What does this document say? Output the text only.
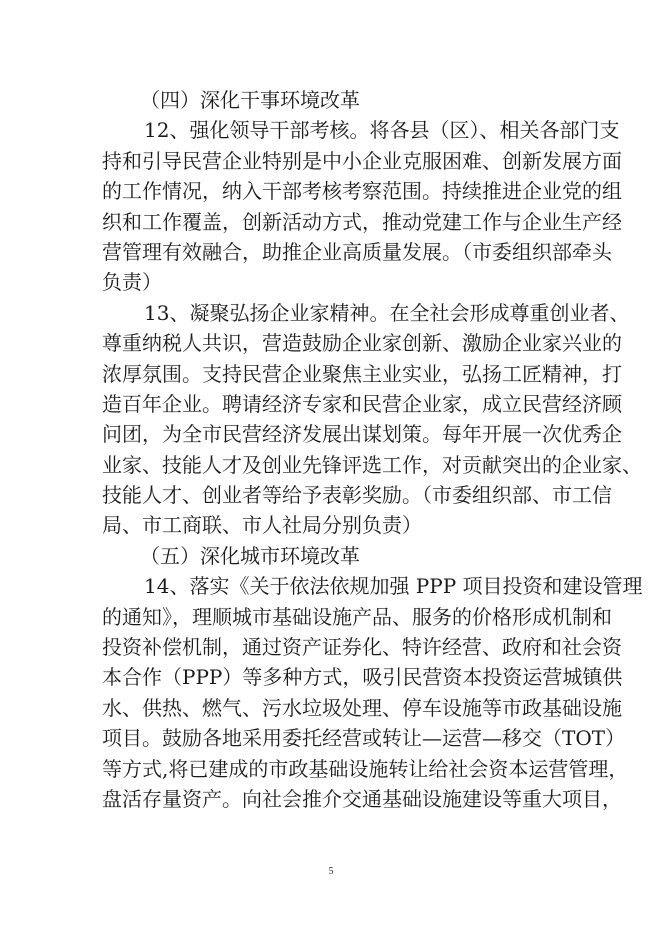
（四）深化干事环境改革
12、强化领导干部考核。将各县（区）、相关各部门支
持和引导民营企业特别是中小企业克服困难、创新发展方面
的工作情况，纳入干部考核考察范围。持续推进企业党的组
织和工作覆盖，创新活动方式，推动党建工作与企业生产经
营管理有效融合，助推企业高质量发展。（市委组织部牵头
负责）
13、凝聚弘扬企业家精神。在全社会形成尊重创业者、
尊重纳税人共识，营造鼓励企业家创新、激励企业家兴业的
浓厚氛围。支持民营企业聚焦主业实业，弘扬工匠精神，打
造百年企业。聘请经济专家和民营企业家，成立民营经济顾
问团，为全市民营经济发展出谋划策。每年开展一次优秀企
业家、技能人才及创业先锋评选工作，对贡献突出的企业家、
技能人才、创业者等给予表彰奖励。（市委组织部、市工信
局、市工商联、市人社局分别负责）
（五）深化城市环境改革
14、落实《关于依法依规加强 PPP 项目投资和建设管理
的通知》，理顺城市基础设施产品、服务的价格形成机制和
投资补偿机制，通过资产证券化、特许经营、政府和社会资
本合作（PPP）等多种方式，吸引民营资本投资运营城镇供
水、供热、燃气、污水垃圾处理、停车设施等市政基础设施
项目。鼓励各地采用委托经营或转让—运营—移交（TOT）
等方式,将已建成的市政基础设施转让给社会资本运营管理，
盘活存量资产。向社会推介交通基础设施建设等重大项目，
5
